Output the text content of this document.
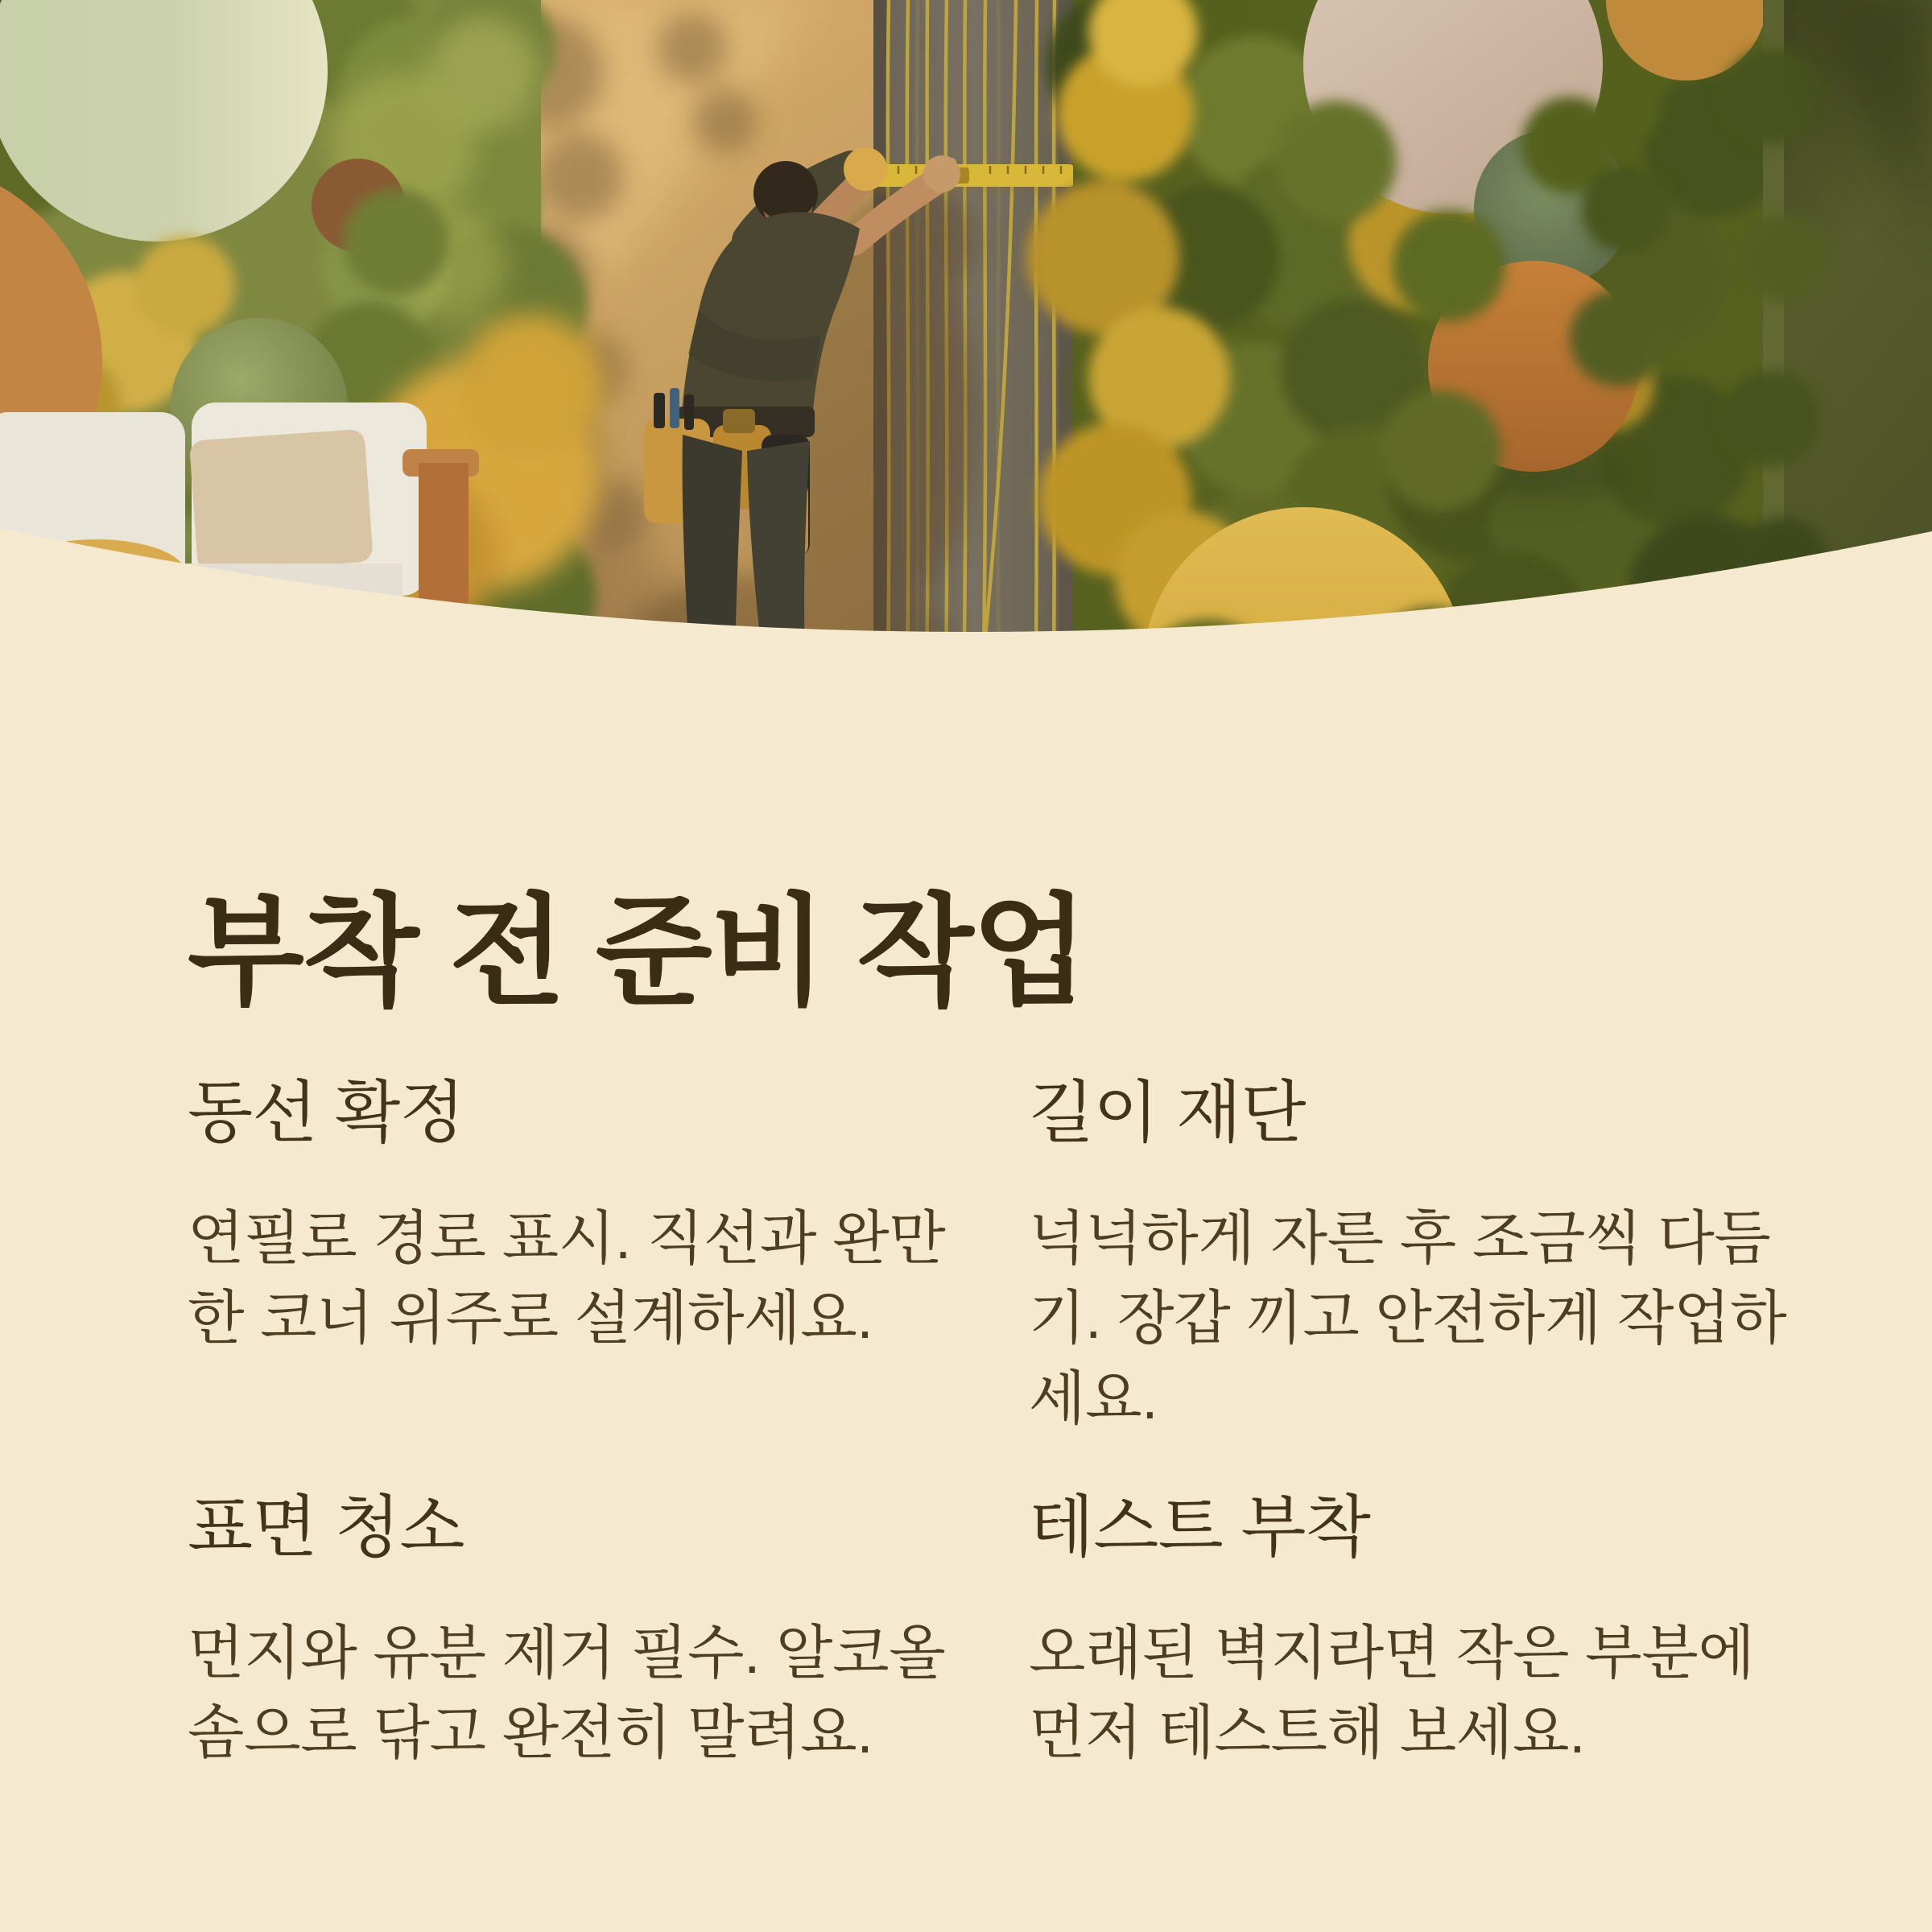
부착 전 준비 작업
동선 확정

연필로 경로 표시. 직선과 완만한 코너 위주로 설계하세요.

길이 재단

넉넉하게 자른 후 조금씩 다듬기. 장갑 끼고 안전하게 작업하세요.

표면 청소

먼지와 유분 제거 필수. 알코올 솜으로 닦고 완전히 말려요.

테스트 부착

오래된 벽지라면 작은 부분에 먼저 테스트해 보세요.
